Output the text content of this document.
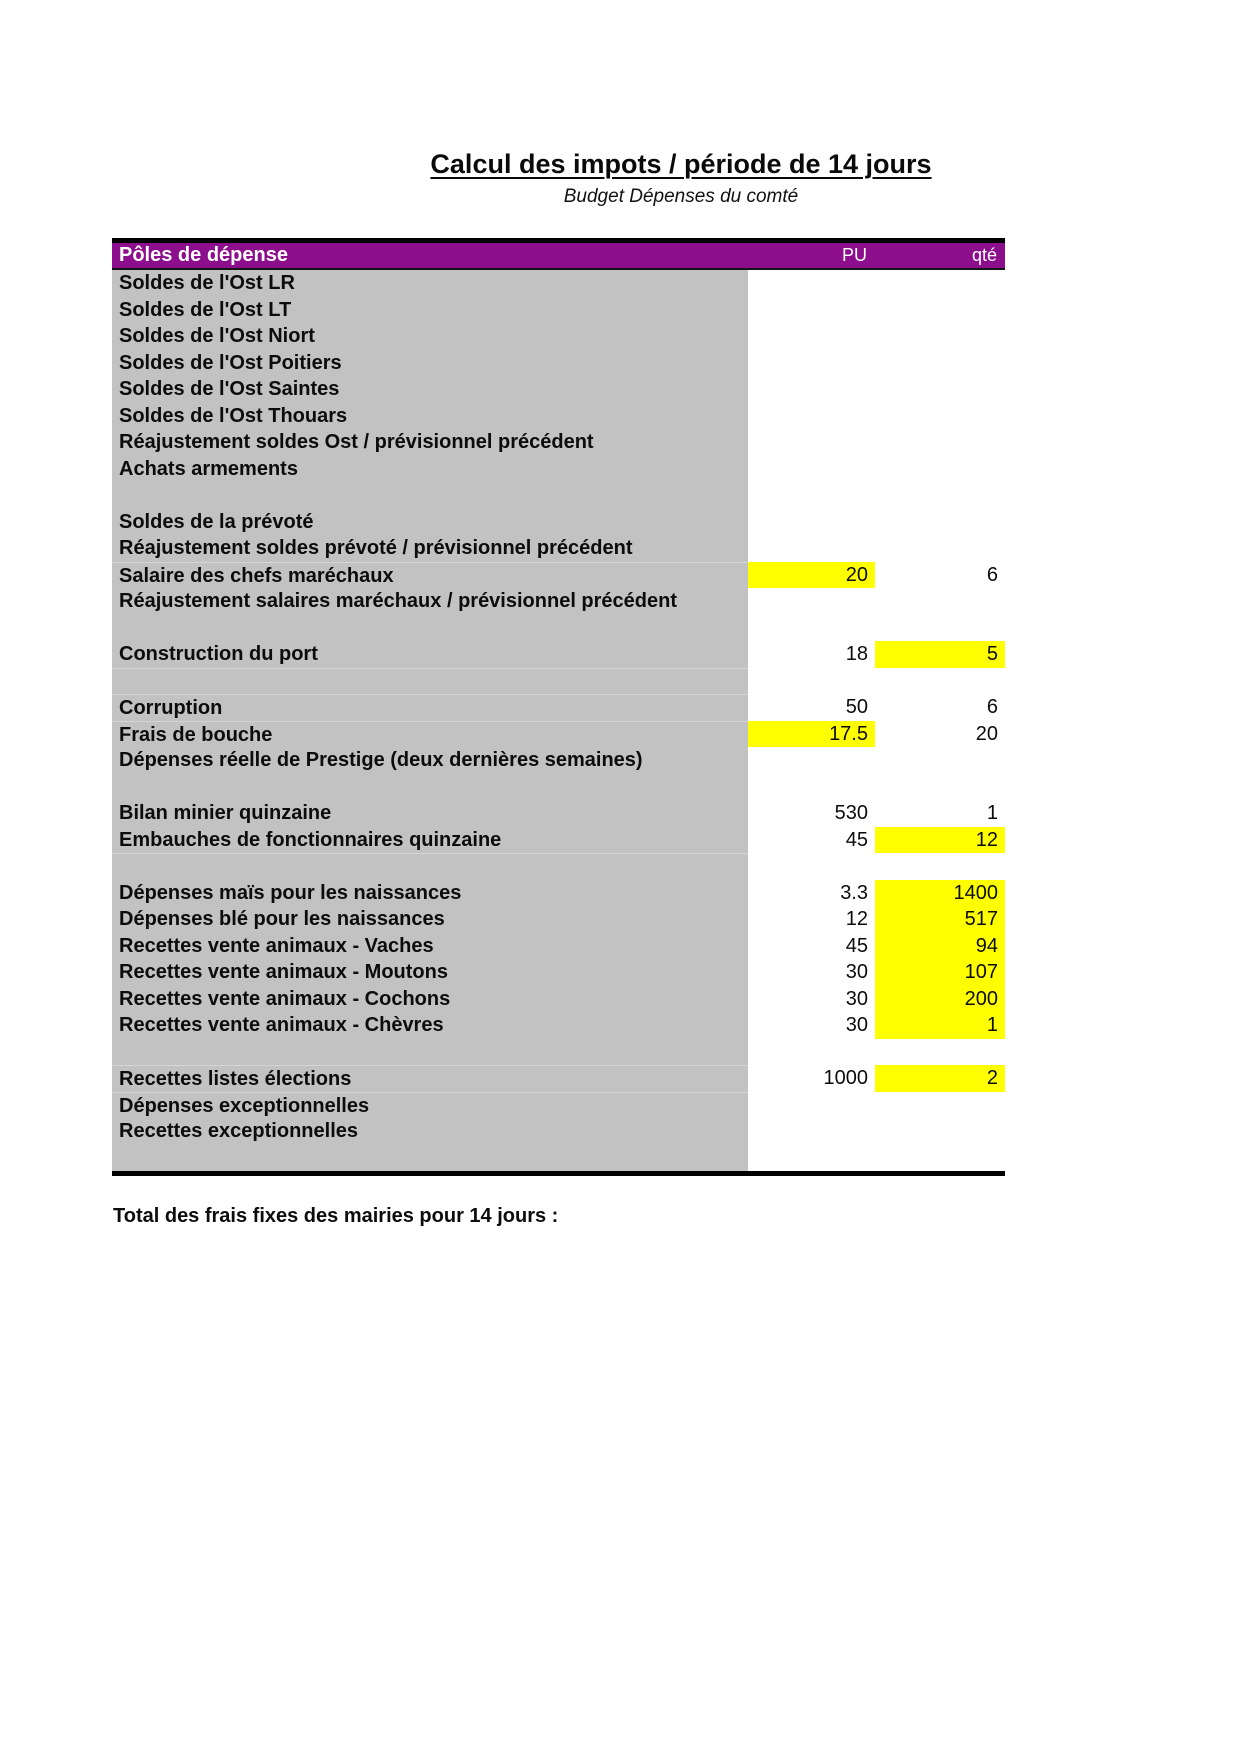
Calcul des impots / période de 14 jours
Budget Dépenses du comté
Pôles de dépense	PU	qté
Soldes de l'Ost LR
Soldes de l'Ost LT
Soldes de l'Ost Niort
Soldes de l'Ost Poitiers
Soldes de l'Ost Saintes
Soldes de l'Ost Thouars
Réajustement soldes Ost / prévisionnel précédent
Achats armements
Soldes de la prévoté
Réajustement soldes prévoté / prévisionnel précédent
Salaire des chefs maréchaux	20	6
Réajustement salaires maréchaux / prévisionnel précédent
Construction du port	18	5
Corruption	50	6
Frais de bouche	17.5	20
Dépenses réelle de Prestige (deux dernières semaines)
Bilan minier quinzaine	530	1
Embauches de fonctionnaires quinzaine	45	12
Dépenses maïs pour les naissances	3.3	1400
Dépenses blé pour les naissances	12	517
Recettes vente animaux - Vaches	45	94
Recettes vente animaux - Moutons	30	107
Recettes vente animaux - Cochons	30	200
Recettes vente animaux - Chèvres	30	1
Recettes listes élections	1000	2
Dépenses exceptionnelles
Recettes exceptionnelles
Total des frais fixes des mairies pour 14 jours :
